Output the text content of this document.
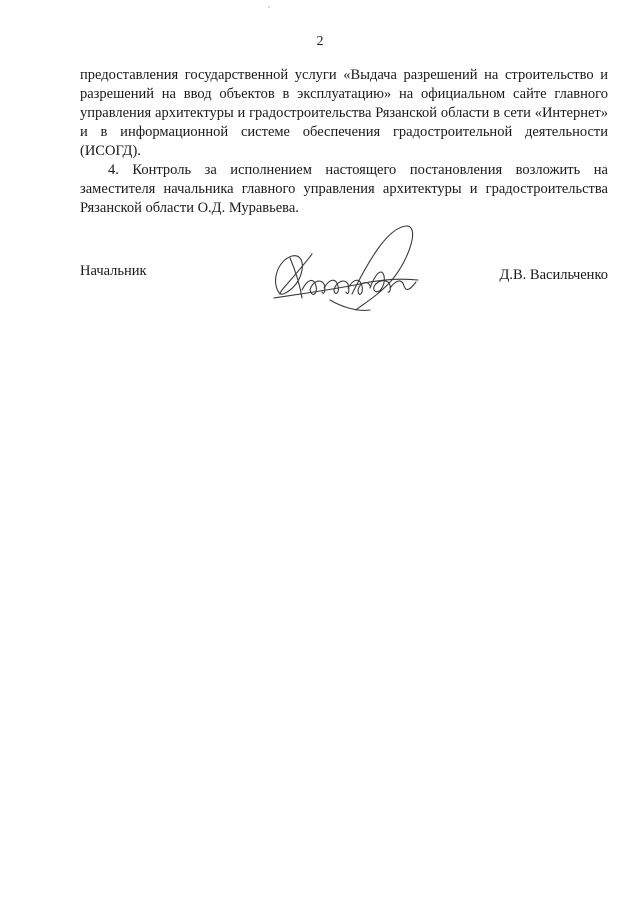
2

предоставления государственной услуги «Выдача разрешений на строительство и разрешений на ввод объектов в эксплуатацию» на официальном сайте главного управления архитектуры и градостроительства Рязанской области в сети «Интернет» и в информационной системе обеспечения градостроительной деятельности (ИСОГД).

4. Контроль за исполнением настоящего постановления возложить на заместителя начальника главного управления архитектуры и градостроительства Рязанской области О.Д. Муравьева.

Начальник	Д.В. Васильченко
